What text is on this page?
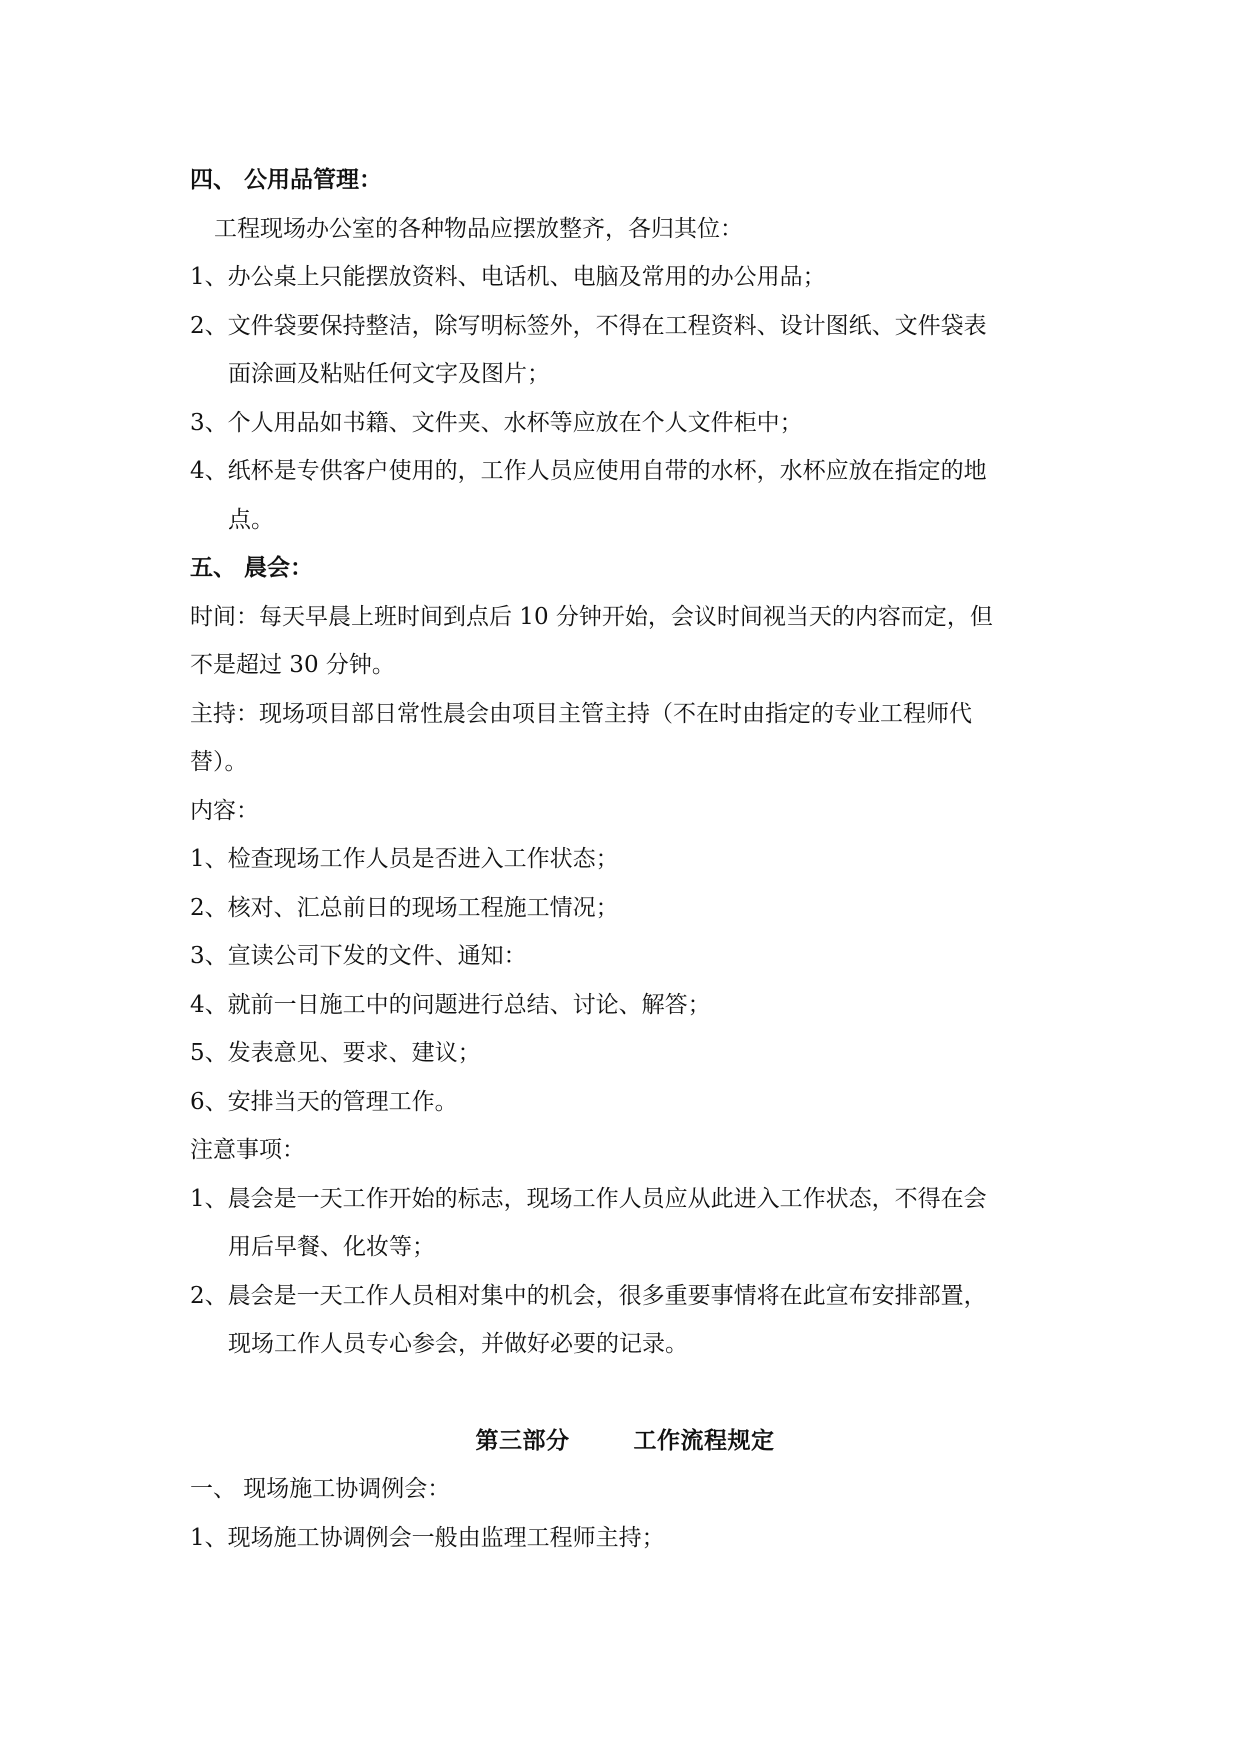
四、 公用品管理：
工程现场办公室的各种物品应摆放整齐，各归其位：
1、办公桌上只能摆放资料、电话机、电脑及常用的办公用品；
2、文件袋要保持整洁，除写明标签外，不得在工程资料、设计图纸、文件袋表
面涂画及粘贴任何文字及图片；
3、个人用品如书籍、文件夹、水杯等应放在个人文件柜中；
4、纸杯是专供客户使用的，工作人员应使用自带的水杯，水杯应放在指定的地
点。
五、 晨会：
时间：每天早晨上班时间到点后 10 分钟开始，会议时间视当天的内容而定，但
不是超过 30 分钟。
主持：现场项目部日常性晨会由项目主管主持（不在时由指定的专业工程师代
替）。
内容：
1、检查现场工作人员是否进入工作状态；
2、核对、汇总前日的现场工程施工情况；
3、宣读公司下发的文件、通知：
4、就前一日施工中的问题进行总结、讨论、解答；
5、发表意见、要求、建议；
6、安排当天的管理工作。
注意事项：
1、晨会是一天工作开始的标志，现场工作人员应从此进入工作状态，不得在会
用后早餐、化妆等；
2、晨会是一天工作人员相对集中的机会，很多重要事情将在此宣布安排部置，
现场工作人员专心参会，并做好必要的记录。
第三部分	工作流程规定
一、 现场施工协调例会：
1、现场施工协调例会一般由监理工程师主持；
